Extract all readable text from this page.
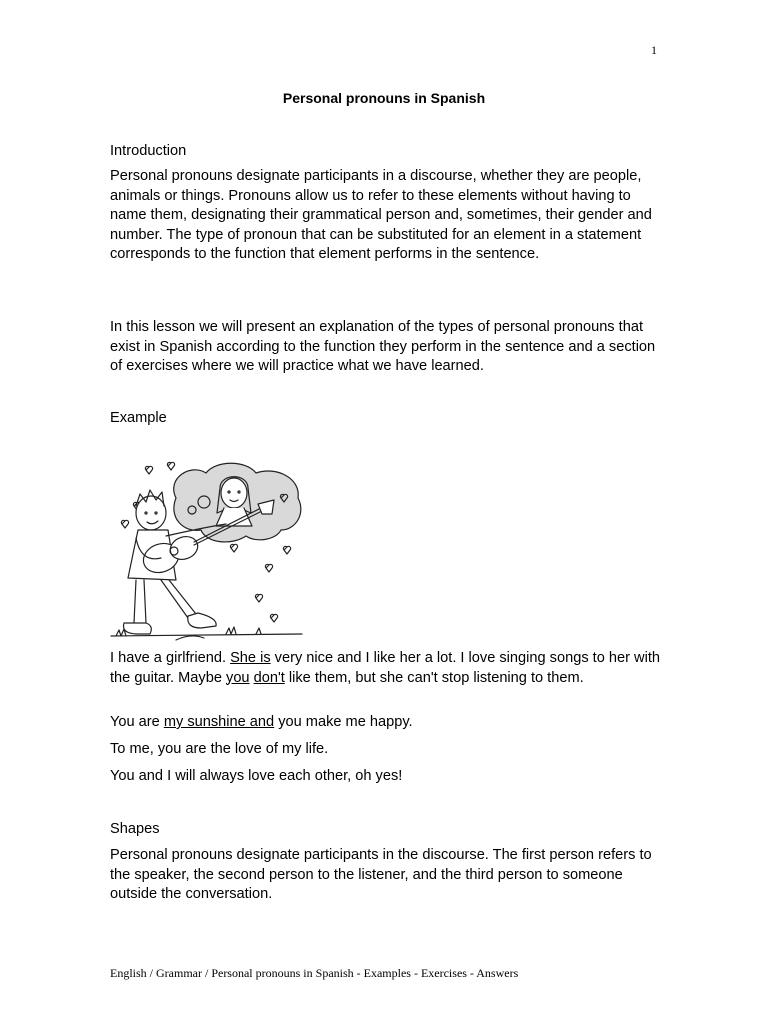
1
Personal pronouns in Spanish
Introduction
Personal pronouns designate participants in a discourse, whether they are people, animals or things. Pronouns allow us to refer to these elements without having to name them, designating their grammatical person and, sometimes, their gender and number. The type of pronoun that can be substituted for an element in a statement corresponds to the function that element performs in the sentence.
In this lesson we will present an explanation of the types of personal pronouns that exist in Spanish according to the function they perform in the sentence and a section of exercises where we will practice what we have learned.
Example
I have a girlfriend. She is very nice and I like her a lot. I love singing songs to her with the guitar. Maybe you don't like them, but she can't stop listening to them.
You are my sunshine and you make me happy.
To me, you are the love of my life.
You and I will always love each other, oh yes!
Shapes
Personal pronouns designate participants in the discourse. The first person refers to the speaker, the second person to the listener, and the third person to someone outside the conversation.
English / Grammar / Personal pronouns in Spanish - Examples - Exercises - Answers
